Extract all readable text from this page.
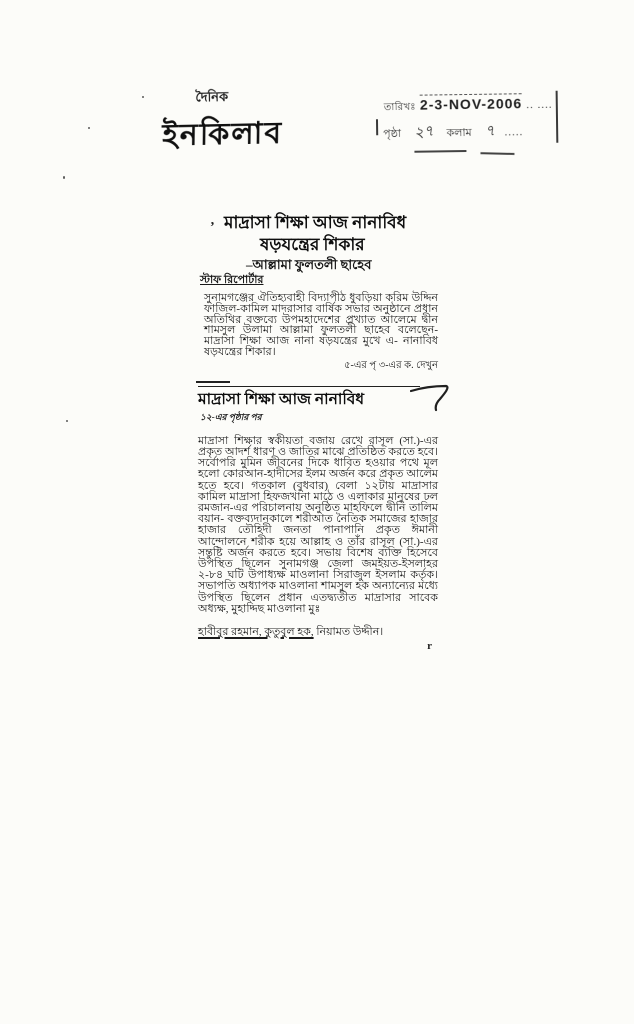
দৈনিক
ইনকিলাব
তারিখঃ 2-3-NOV-2006 .. ....
পৃষ্ঠা ২৭ কলাম ৭ .....
’ মাদ্রাসা শিক্ষা আজ নানাবিধ
ষড়যন্ত্রের শিকার
–আল্লামা ফুলতলী ছাহেব
স্টাফ রিপোর্টার

সুনামগঞ্জের ঐতিহ্যবাহী বিদ্যাপীঠ ধুবড়িয়া করিম উদ্দিন ফাজিল-কামিল মাদরাসার বার্ষিক সভার অনুষ্ঠানে প্রধান অতিথির বক্তব্যে উপমহাদেশের প্রখ্যাত আলেমে দ্বীন শামসুল উলামা আল্লামা ফুলতলী ছাহেব বলেছেন- মাদ্রাসা শিক্ষা আজ নানা ষড়যন্ত্রের মুখে এ- নানাবিধ ষড়যন্ত্রের শিকার।

৫-এর পৃ ৩-এর ক. দেখুন
মাদ্রাসা শিক্ষা আজ নানাবিধ
১২-এর পৃষ্ঠার পর

মাদ্রাসা শিক্ষার স্বকীয়তা বজায় রেখে রাসূল (সা.)-এর প্রকৃত আদর্শ ধারণ ও জাতির মাঝে প্রতিষ্ঠিত করতে হবে। সর্বোপরি মুমিন জীবনের দিকে ধাবিত হওয়ার পথে মূল হলো কোরআন-হাদীসের ইলম অর্জন করে প্রকৃত আলেম হতে হবে। গতকাল (বুধবার) বেলা ১২টায় মাদ্রাসার কামিল মাদ্রাসা হিফজখানা মাঠে ও এলাকার মানুষের ঢল রমজান-এর পরিচালনায় অনুষ্ঠিত মাহফিলে দ্বীনি তালিম বয়ান- বক্তব্যদানকালে শরীআত নৈতিক সমাজের হাজার হাজার তৌহিদী জনতা পানাপানি প্রকৃত ঈমানী আন্দোলনে শরীক হয়ে আল্লাহ ও তাঁর রাসূল (সা.)-এর সন্তুষ্টি অর্জন করতে হবে। সভায় বিশেষ ব্যক্তি হিসেবে উপস্থিত ছিলেন সুনামগঞ্জ জেলা জমইয়ত-ইসলাহর ২-৮৪ ঘটি উপাধ্যক্ষ মাওলানা সিরাজুল ইসলাম কর্তৃক। সভাপতি অধ্যাপক মাওলানা শামসুল হক অন্যান্যের মধ্যে উপস্থিত ছিলেন প্রধান এতদ্ব্যতীত মাদ্রাসার সাবেক অধ্যক্ষ, মুহাদ্দিছ মাওলানা মুঃ

হাবীবুর রহমান, কুতুবুল হক, নিয়ামত উদ্দীন।
r
